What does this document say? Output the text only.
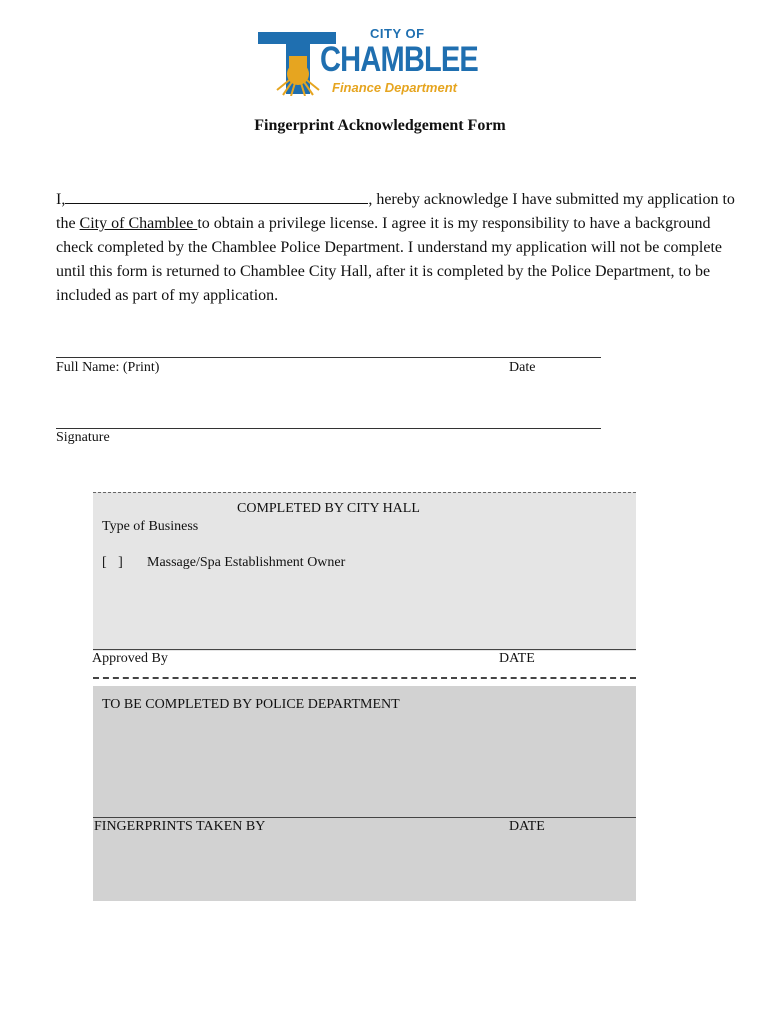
CITY OF
CHAMBLEE
Finance Department
Fingerprint Acknowledgement Form
I,	, hereby acknowledge I have submitted my application to the City of Chamblee to obtain a privilege license. I agree it is my responsibility to have a background check completed by the Chamblee Police Department. I understand my application will not be complete until this form is returned to Chamblee City Hall, after it is completed by the Police Department, to be included as part of my application.
Full Name: (Print)	Date
Signature
COMPLETED BY CITY HALL
Type of Business
[ ] Massage/Spa Establishment Owner
Approved By	DATE
TO BE COMPLETED BY POLICE DEPARTMENT
FINGERPRINTS TAKEN BY	DATE
